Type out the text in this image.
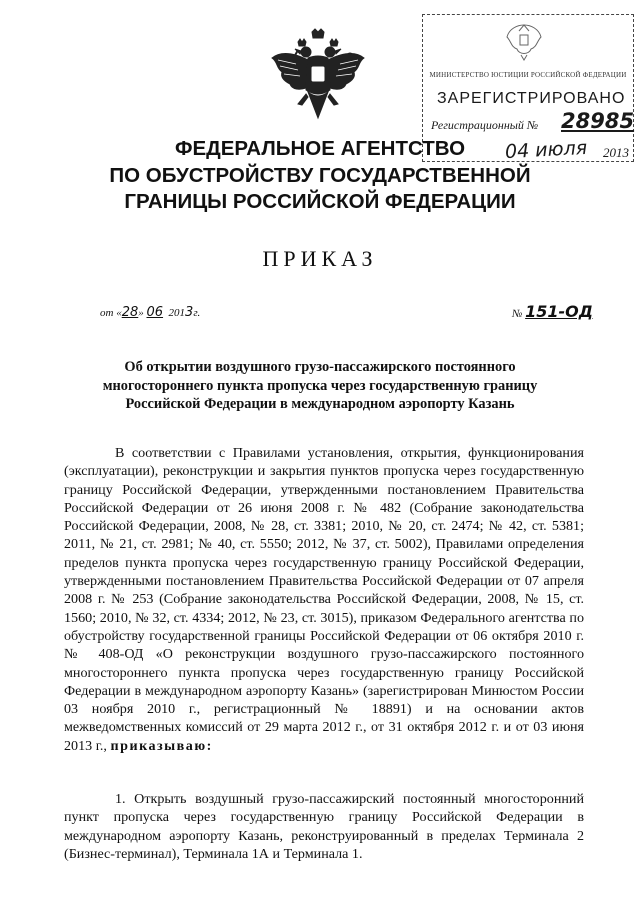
МИНИСТЕРСТВО ЮСТИЦИИ РОССИЙСКОЙ ФЕДЕРАЦИИ
ЗАРЕГИСТРИРОВАНО
Регистрационный № 28985
04 июля 2013
ФЕДЕРАЛЬНОЕ АГЕНТСТВО
ПО ОБУСТРОЙСТВУ ГОСУДАРСТВЕННОЙ
ГРАНИЦЫ РОССИЙСКОЙ ФЕДЕРАЦИИ
ПРИКАЗ
от «28» 06 2013г.	№ 151-ОД
Об открытии воздушного грузо-пассажирского постоянного
многостороннего пункта пропуска через государственную границу
Российской Федерации в международном аэропорту Казань
В соответствии с Правилами установления, открытия, функционирования (эксплуатации), реконструкции и закрытия пунктов пропуска через государственную границу Российской Федерации, утвержденными постановлением Правительства Российской Федерации от 26 июня 2008 г. № 482 (Собрание законодательства Российской Федерации, 2008, № 28, ст. 3381; 2010, № 20, ст. 2474; № 42, ст. 5381; 2011, № 21, ст. 2981; № 40, ст. 5550; 2012, № 37, ст. 5002), Правилами определения пределов пункта пропуска через государственную границу Российской Федерации, утвержденными постановлением Правительства Российской Федерации от 07 апреля 2008 г. № 253 (Собрание законодательства Российской Федерации, 2008, № 15, ст. 1560; 2010, № 32, ст. 4334; 2012, № 23, ст. 3015), приказом Федерального агентства по обустройству государственной границы Российской Федерации от 06 октября 2010 г. № 408-ОД «О реконструкции воздушного грузо-пассажирского постоянного многостороннего пункта пропуска через государственную границу Российской Федерации в международном аэропорту Казань» (зарегистрирован Минюстом России 03 ноября 2010 г., регистрационный № 18891) и на основании актов межведомственных комиссий от 29 марта 2012 г., от 31 октября 2012 г. и от 03 июня 2013 г., приказываю:
1. Открыть воздушный грузо-пассажирский постоянный многосторонний пункт пропуска через государственную границу Российской Федерации в международном аэропорту Казань, реконструированный в пределах Терминала 2 (Бизнес-терминал), Терминала 1А и Терминала 1.
